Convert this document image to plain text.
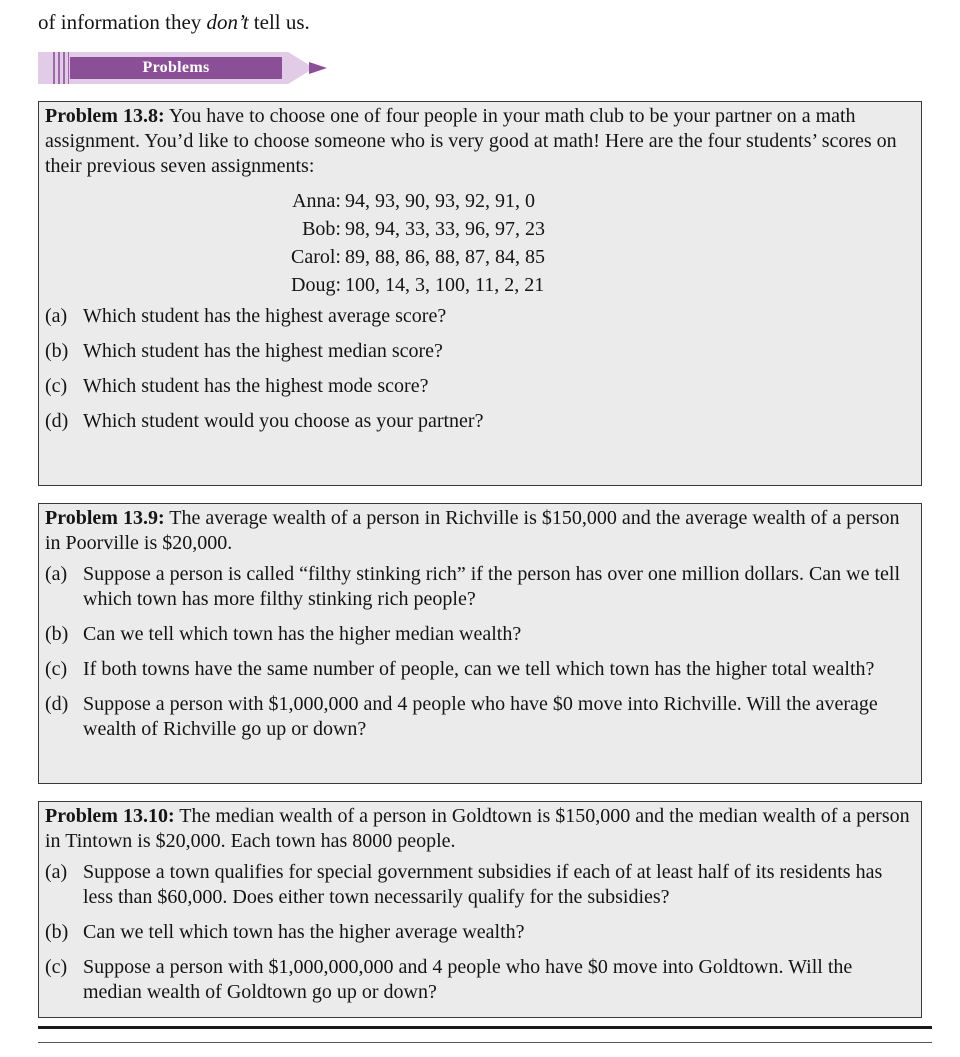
of information they don’t tell us.
Problems

Problem 13.8: You have to choose one of four people in your math club to be your partner on a math assignment. You’d like to choose someone who is very good at math! Here are the four students’ scores on their previous seven assignments:

Anna: 94, 93, 90, 93, 92, 91, 0
Bob: 98, 94, 33, 33, 96, 97, 23
Carol: 89, 88, 86, 88, 87, 84, 85
Doug: 100, 14, 3, 100, 11, 2, 21
(a) Which student has the highest average score?
(b) Which student has the highest median score?
(c) Which student has the highest mode score?
(d) Which student would you choose as your partner?

Problem 13.9: The average wealth of a person in Richville is $150,000 and the average wealth of a person in Poorville is $20,000.

(a) Suppose a person is called “filthy stinking rich” if the person has over one million dollars. Can we tell which town has more filthy stinking rich people?
(b) Can we tell which town has the higher median wealth?
(c) If both towns have the same number of people, can we tell which town has the higher total wealth?
(d) Suppose a person with $1,000,000 and 4 people who have $0 move into Richville. Will the average wealth of Richville go up or down?

Problem 13.10: The median wealth of a person in Goldtown is $150,000 and the median wealth of a person in Tintown is $20,000. Each town has 8000 people.

(a) Suppose a town qualifies for special government subsidies if each of at least half of its residents has less than $60,000. Does either town necessarily qualify for the subsidies?
(b) Can we tell which town has the higher average wealth?
(c) Suppose a person with $1,000,000,000 and 4 people who have $0 move into Goldtown. Will the median wealth of Goldtown go up or down?
